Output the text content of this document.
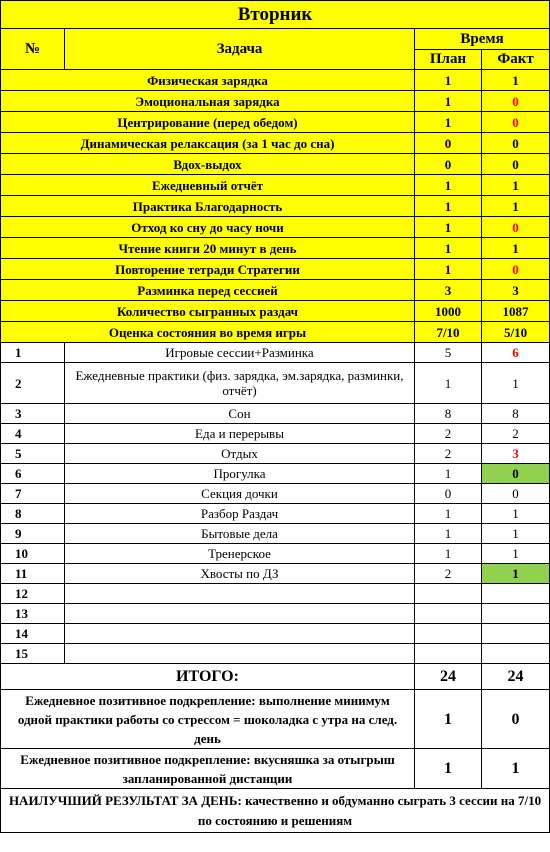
Вторник			
№	Задача	Время	
		План	Факт
Физическая зарядка		1	1
Эмоциональная зарядка		1	0
Центрирование (перед обедом)		1	0
Динамическая релаксация (за 1 час до сна)		0	0
Вдох-выдох		0	0
Ежедневный отчёт		1	1
Практика Благодарность		1	1
Отход ко сну до часу ночи		1	0
Чтение книги 20 минут в день		1	1
Повторение тетради Стратегии		1	0
Разминка перед сессией		3	3
Количество сыгранных раздач		1000	1087
Оценка состояния во время игры		7/10	5/10
1	Игровые сессии+Разминка	5	6
2	Ежедневные практики (физ. зарядка, эм.зарядка, разминки, отчёт)	1	1
3	Сон	8	8
4	Еда и перерывы	2	2
5	Отдых	2	3
6	Прогулка	1	0
7	Секция дочки	0	0
8	Разбор Раздач	1	1
9	Бытовые дела	1	1
10	Тренерское	1	1
11	Хвосты по ДЗ	2	1
12			
13			
14			
15			
ИТОГО:		24	24
Ежедневное позитивное подкрепление: выполнение минимум одной практики работы со стрессом = шоколадка с утра на след. день		1	0
Ежедневное позитивное подкрепление: вкусняшка за отыгрыш запланированной дистанции		1	1
НАИЛУЧШИЙ РЕЗУЛЬТАТ ЗА ДЕНЬ: качественно и обдуманно сыграть 3 сессии на 7/10 по состоянию и решениям			
